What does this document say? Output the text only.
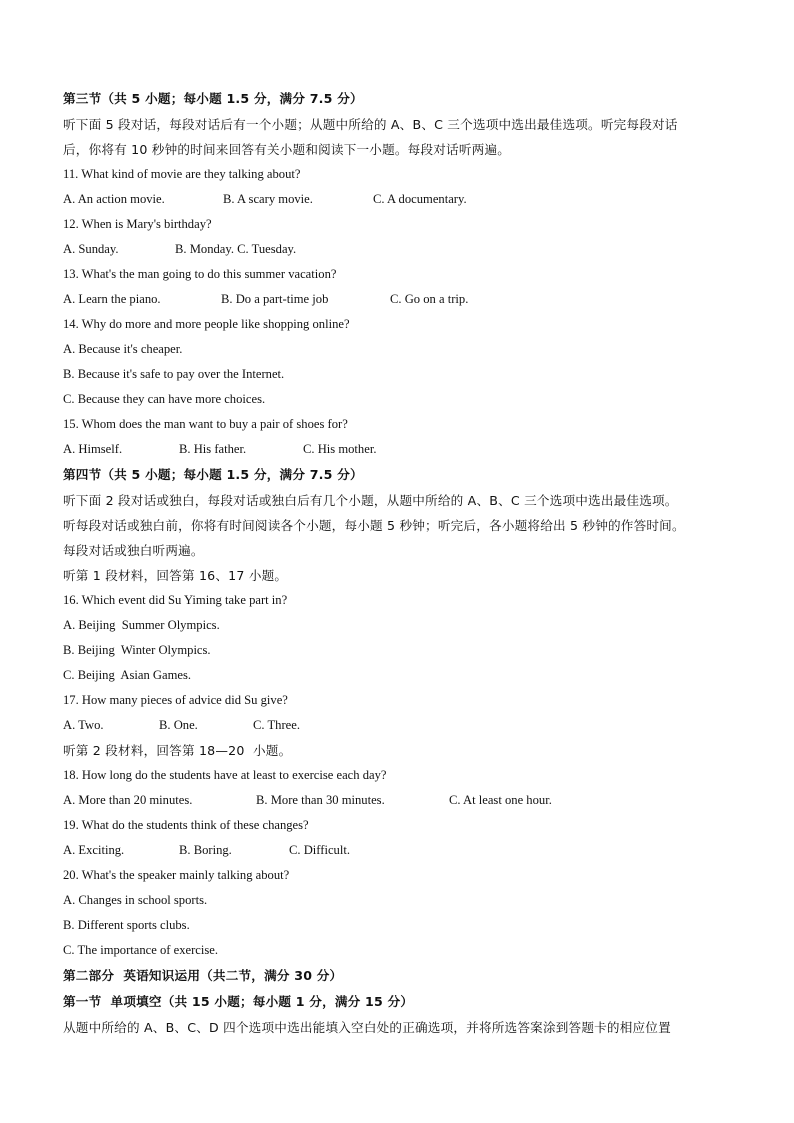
第三节（共 5 小题；每小题 1.5 分，满分 7.5 分）
听下面 5 段对话，每段对话后有一个小题；从题中所给的 A、B、C 三个选项中选出最佳选项。听完每段对话
后，你将有 10 秒钟的时间来回答有关小题和阅读下一小题。每段对话听两遍。
11. What kind of movie are they talking about?
A. An action movie.	B. A scary movie.	C. A documentary.
12. When is Mary's birthday?
A. Sunday.	B. Monday. C. Tuesday.
13. What's the man going to do this summer vacation?
A. Learn the piano.	B. Do a part-time job	C. Go on a trip.
14. Why do more and more people like shopping online?
A. Because it's cheaper.
B. Because it's safe to pay over the Internet.
C. Because they can have more choices.
15. Whom does the man want to buy a pair of shoes for?
A. Himself.	B. His father.	C. His mother.
第四节（共 5 小题；每小题 1.5 分，满分 7.5 分）
听下面 2 段对话或独白，每段对话或独白后有几个小题，从题中所给的 A、B、C 三个选项中选出最佳选项。
听每段对话或独白前，你将有时间阅读各个小题，每小题 5 秒钟；听完后，各小题将给出 5 秒钟的作答时间。
每段对话或独白听两遍。
听第 1 段材料，回答第 16、17 小题。
16. Which event did Su Yiming take part in?
A. Beijing  Summer Olympics.
B. Beijing  Winter Olympics.
C. Beijing  Asian Games.
17. How many pieces of advice did Su give?
A. Two.	B. One.	C. Three.
听第 2 段材料，回答第 18—20  小题。
18. How long do the students have at least to exercise each day?
A. More than 20 minutes.	B. More than 30 minutes.	C. At least one hour.
19. What do the students think of these changes?
A. Exciting.	B. Boring.	C. Difficult.
20. What's the speaker mainly talking about?
A. Changes in school sports.
B. Different sports clubs.
C. The importance of exercise.
第二部分  英语知识运用（共二节，满分 30 分）
第一节  单项填空（共 15 小题；每小题 1 分，满分 15 分）
从题中所给的 A、B、C、D 四个选项中选出能填入空白处的正确选项，并将所选答案涂到答题卡的相应位置
